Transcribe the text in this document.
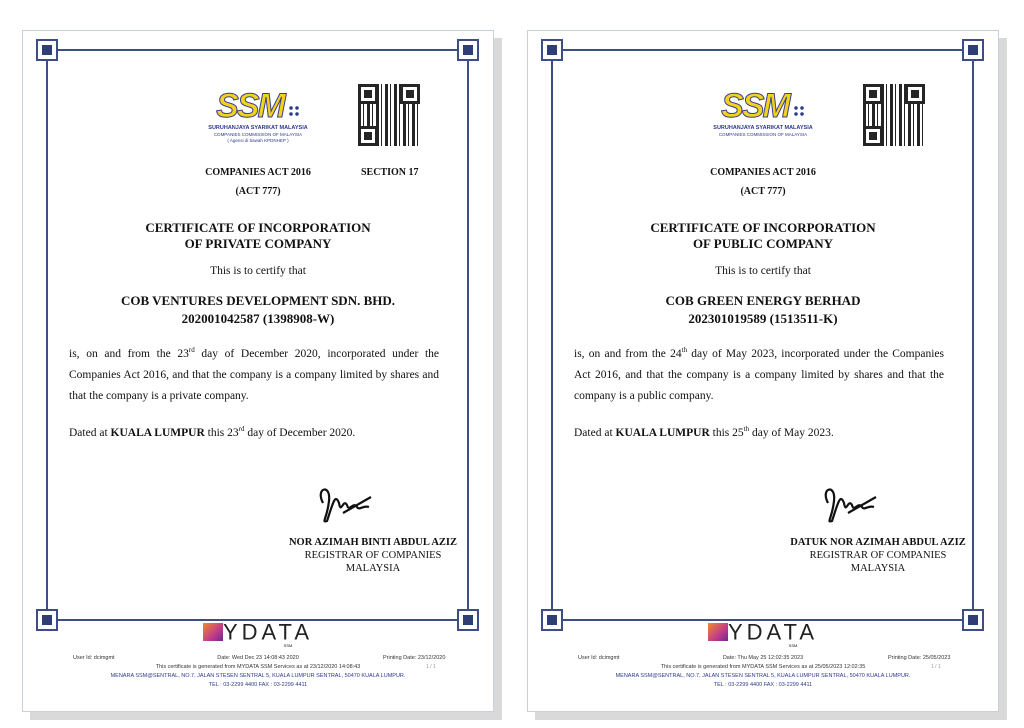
SSM
SURUHANJAYA SYARIKAT MALAYSIA
COMPANIES COMMISSION OF MALAYSIA
( Agensi di bawah KPDNHEP )
COMPANIES ACT 2016	SECTION 17
(ACT 777)
CERTIFICATE OF INCORPORATION
OF PRIVATE COMPANY
This is to certify that
COB VENTURES DEVELOPMENT SDN. BHD.
202001042587 (1398908-W)
is, on and from the 23rd day of December 2020, incorporated under the Companies Act 2016, and that the company is a company limited by shares and that the company is a private company.
Dated at KUALA LUMPUR this 23rd day of December 2020.
NOR AZIMAH BINTI ABDUL AZIZ
REGISTRAR OF COMPANIES
MALAYSIA
YDATA
SSM
User Id: dcimgmt	Date: Wed Dec 23 14:08:43 2020	Printing Date: 23/12/2020
This certificate is generated from MYDATA SSM Services as at 23/12/2020 14:08:43	1 / 1
MENARA SSM@SENTRAL, NO.7, JALAN STESEN SENTRAL 5, KUALA LUMPUR SENTRAL, 50470 KUALA LUMPUR.
TEL : 03-2299 4400 FAX : 03-2299 4411
SSM
SURUHANJAYA SYARIKAT MALAYSIA
COMPANIES COMMISSION OF MALAYSIA
COMPANIES ACT 2016
(ACT 777)
CERTIFICATE OF INCORPORATION
OF PUBLIC COMPANY
This is to certify that
COB GREEN ENERGY BERHAD
202301019589 (1513511-K)
is, on and from the 24th day of May 2023, incorporated under the Companies Act 2016, and that the company is a company limited by shares and that the company is a public company.
Dated at KUALA LUMPUR this 25th day of May 2023.
DATUK NOR AZIMAH ABDUL AZIZ
REGISTRAR OF COMPANIES
MALAYSIA
YDATA
SSM
User Id: dcimgmt	Date: Thu May 25 12:02:35 2023	Printing Date: 25/05/2023
This certificate is generated from MYDATA SSM Services as at 25/05/2023 12:02:35	1 / 1
MENARA SSM@SENTRAL, NO.7, JALAN STESEN SENTRAL 5, KUALA LUMPUR SENTRAL, 50470 KUALA LUMPUR.
TEL : 03-2299 4400 FAX : 03-2299 4411
